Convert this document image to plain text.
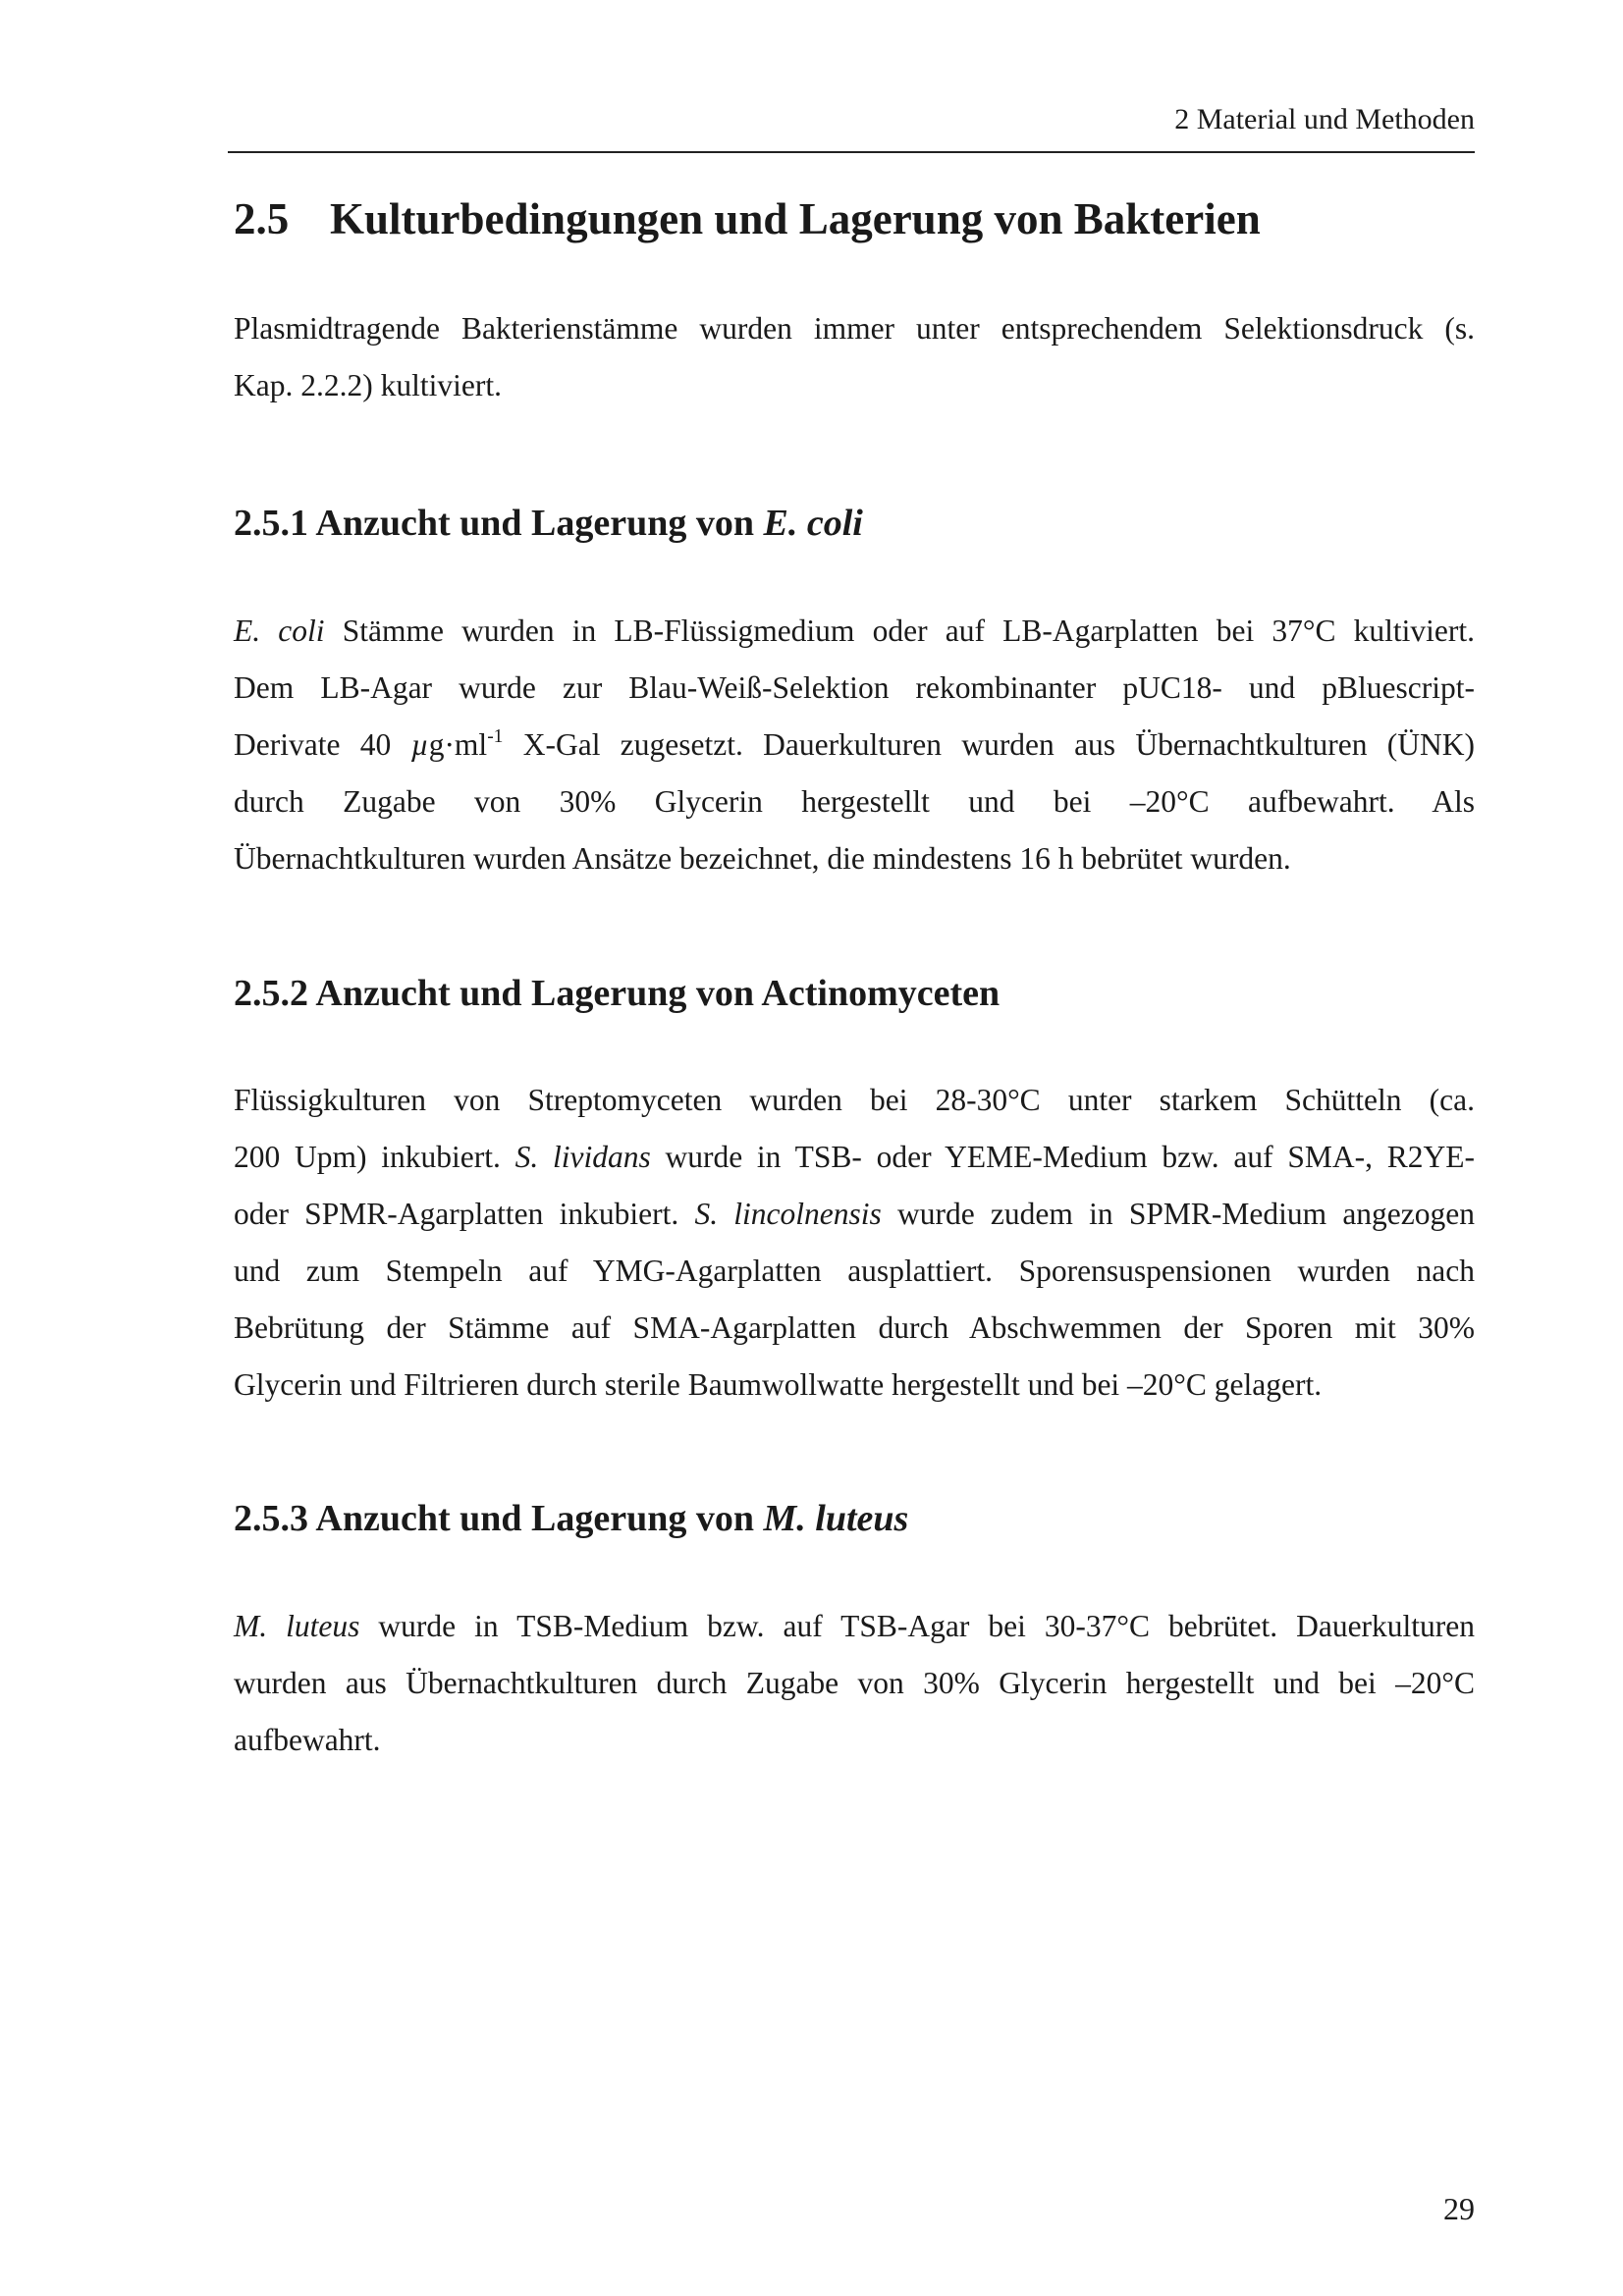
2 Material und Methoden
2.5 Kulturbedingungen und Lagerung von Bakterien
Plasmidtragende Bakterienstämme wurden immer unter entsprechendem Selektionsdruck (s.
Kap. 2.2.2) kultiviert.
2.5.1 Anzucht und Lagerung von E. coli
E. coli Stämme wurden in LB-Flüssigmedium oder auf LB-Agarplatten bei 37°C kultiviert.
Dem LB-Agar wurde zur Blau-Weiß-Selektion rekombinanter pUC18- und pBluescript-
Derivate 40 $\mu g\cdot ml^{-1}$ X-Gal zugesetzt. Dauerkulturen wurden aus Übernachtkulturen (ÜNK)
durch Zugabe von 30% Glycerin hergestellt und bei –20°C aufbewahrt. Als
Übernachtkulturen wurden Ansätze bezeichnet, die mindestens 16 h bebrütet wurden.
2.5.2 Anzucht und Lagerung von Actinomyceten
Flüssigkulturen von Streptomyceten wurden bei 28-30°C unter starkem Schütteln (ca.
200 Upm) inkubiert. S. lividans wurde in TSB- oder YEME-Medium bzw. auf SMA-, R2YE-
oder SPMR-Agarplatten inkubiert. S. lincolnensis wurde zudem in SPMR-Medium angezogen
und zum Stempeln auf YMG-Agarplatten ausplattiert. Sporensuspensionen wurden nach
Bebrütung der Stämme auf SMA-Agarplatten durch Abschwemmen der Sporen mit 30%
Glycerin und Filtrieren durch sterile Baumwollwatte hergestellt und bei –20°C gelagert.
2.5.3 Anzucht und Lagerung von M. luteus
M. luteus wurde in TSB-Medium bzw. auf TSB-Agar bei 30-37°C bebrütet. Dauerkulturen
wurden aus Übernachtkulturen durch Zugabe von 30% Glycerin hergestellt und bei –20°C
aufbewahrt.
29
